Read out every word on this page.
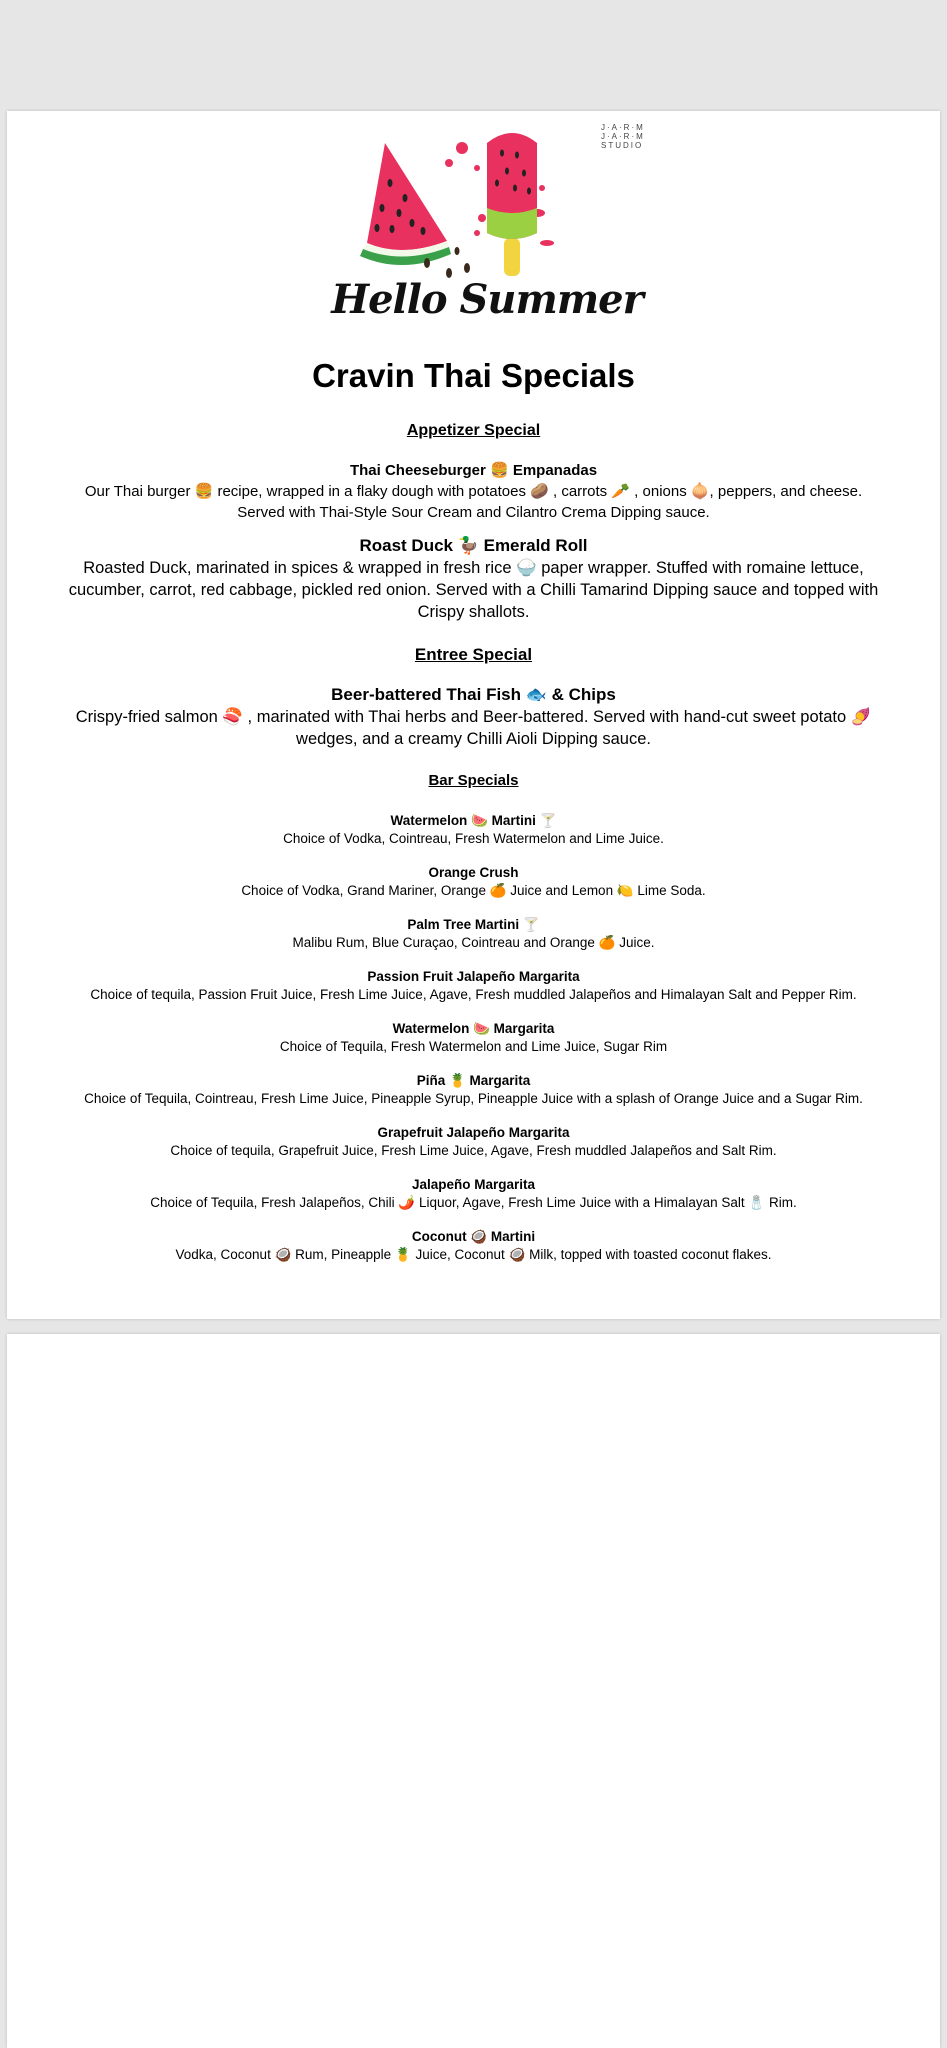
J·A·R·M
J·A·R·M
STUDIO
Hello Summer
Cravin Thai Specials

Appetizer Special

Thai Cheeseburger 🍔 Empanadas

Our Thai burger 🍔 recipe, wrapped in a flaky dough with potatoes 🥔 , carrots 🥕 , onions 🧅, peppers, and cheese. Served with Thai-Style Sour Cream and Cilantro Crema Dipping sauce.

Roast Duck 🦆 Emerald Roll

Roasted Duck, marinated in spices & wrapped in fresh rice 🍚 paper wrapper. Stuffed with romaine lettuce, cucumber, carrot, red cabbage, pickled red onion. Served with a Chilli Tamarind Dipping sauce and topped with Crispy shallots.

Entree Special

Beer-battered Thai Fish 🐟 & Chips

Crispy-fried salmon 🍣 , marinated with Thai herbs and Beer-battered. Served with hand-cut sweet potato 🍠 wedges, and a creamy Chilli Aioli Dipping sauce.

Bar Specials

Watermelon 🍉 Martini 🍸

Choice of Vodka, Cointreau, Fresh Watermelon and Lime Juice.

Orange Crush

Choice of Vodka, Grand Mariner, Orange 🍊 Juice and Lemon 🍋 Lime Soda.

Palm Tree Martini 🍸

Malibu Rum, Blue Curaçao, Cointreau and Orange 🍊 Juice.

Passion Fruit Jalapeño Margarita

Choice of tequila, Passion Fruit Juice, Fresh Lime Juice, Agave, Fresh muddled Jalapeños and Himalayan Salt and Pepper Rim.

Watermelon 🍉 Margarita

Choice of Tequila, Fresh Watermelon and Lime Juice, Sugar Rim

Piña 🍍 Margarita

Choice of Tequila, Cointreau, Fresh Lime Juice, Pineapple Syrup, Pineapple Juice with a splash of Orange Juice and a Sugar Rim.

Grapefruit Jalapeño Margarita

Choice of tequila, Grapefruit Juice, Fresh Lime Juice, Agave, Fresh muddled Jalapeños and Salt Rim.

Jalapeño Margarita

Choice of Tequila, Fresh Jalapeños, Chili 🌶️ Liquor, Agave, Fresh Lime Juice with a Himalayan Salt 🧂 Rim.

Coconut 🥥 Martini

Vodka, Coconut 🥥 Rum, Pineapple 🍍 Juice, Coconut 🥥 Milk, topped with toasted coconut flakes.
